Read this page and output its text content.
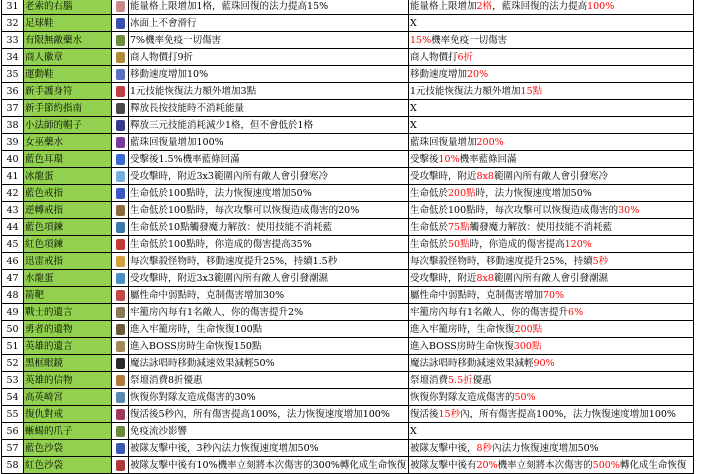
31	老索的右腦		能量格上限增加1格，藍珠回復的法力提高15%	能量格上限增加2格，藍珠回復的法力提高100%
32	足球鞋		冰面上不會滑行	X
33	有限無敵藥水		7%機率免疫一切傷害	15%機率免疫一切傷害
34	商人徽章		商人物價打9折	商人物價打6折
35	運動鞋		移動速度增加10%	移動速度增加20%
36	新手護身符		1元技能恢復法力額外增加3點	1元技能恢復法力額外增加15點
37	新手節約指南		釋放長按技能時不消耗能量	X
38	小法師的帽子		釋放三元技能消耗減少1格，但不會低於1格	X
39	女巫藥水		藍珠回復量增加100%	藍珠回復量增加200%
40	藍色耳環		受擊後1.5%機率藍條回滿	受擊後10%機率藍條回滿
41	冰龍蛋		受攻擊時，附近3x3範圍內所有敵人會引發寒冷	受攻擊時，附近8x8範圍內所有敵人會引發寒冷
42	藍色戒指		生命低於100點時，法力恢復速度增加50%	生命低於200點時，法力恢復速度增加50%
43	逆轉戒指		生命低於100點時，每次攻擊可以恢復造成傷害的20%	生命低於100點時，每次攻擊可以恢復造成傷害的30%
44	藍色項鍊		生命低於10點觸發魔力解放：使用技能不消耗藍	生命低於75點觸發魔力解放：使用技能不消耗藍
45	紅色項鍊		生命低於100點時，你造成的傷害提高35%	生命低於50點時，你造成的傷害提高120%
46	迅雷戒指		每次擊殺怪物時，移動速度提升25%，持續1.5秒	每次擊殺怪物時，移動速度提升25%，持續5秒
47	水龍蛋		受攻擊時，附近3x3範圍內所有敵人會引發潮濕	受攻擊時，附近8x8範圍內所有敵人會引發潮濕
48	箭靶		屬性命中弱點時，克制傷害增加30%	屬性命中弱點時，克制傷害增加70%
49	戰士的遺言		牢籠房內每有1名敵人，你的傷害提升2%	牢籠房內每有1名敵人，你的傷害提升6%
50	勇者的遺物		進入牢籠房時，生命恢復100點	進入牢籠房時，生命恢復200點
51	英雄的遺言		進入BOSS房時生命恢復150點	進入BOSS房時生命恢復300點
52	黑框眼鏡		魔法詠唱時移動減速效果減輕50%	魔法詠唱時移動減速效果減輕90%
53	英雄的信物		祭壇消費8折優惠	祭壇消費5.5折優惠
54	高英崎宮		恢復你對隊友造成傷害的30%	恢復你對隊友造成傷害的50%
55	復仇對戒		復活後5秒內，所有傷害提高100%，法力恢復速度增加100%	復活後15秒內，所有傷害提高100%，法力恢復速度增加100%
56	蜥蜴的爪子		免疫流沙影響	X
57	藍色沙袋		被隊友擊中後，3秒內法力恢復速度增加50%	被隊友擊中後，8秒內法力恢復速度增加50%
58	紅色沙袋		被隊友擊中後有10%機率立刻將本次傷害的300%轉化成生命恢復	被隊友擊中後有20%機率立刻將本次傷害的500%轉化成生命恢復
